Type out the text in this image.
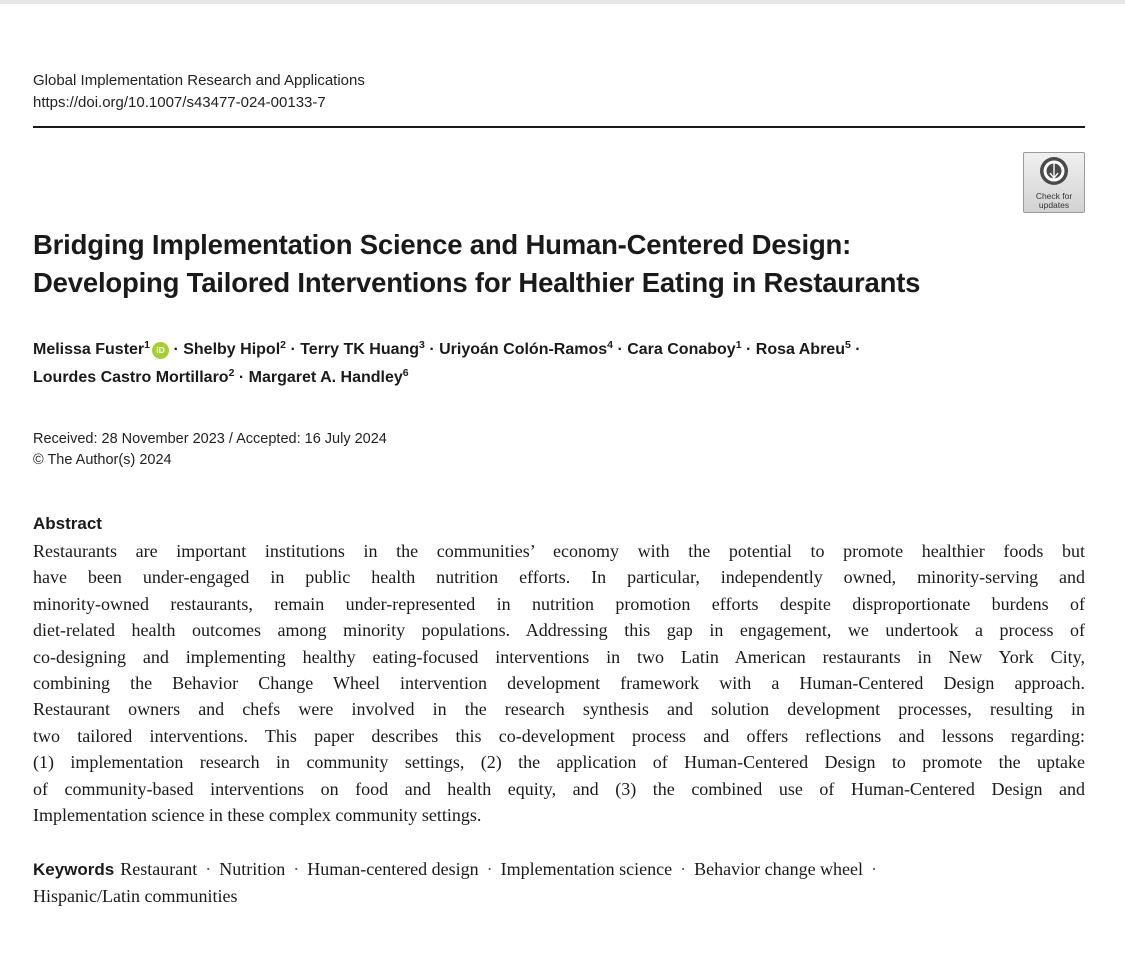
Global Implementation Research and Applications
https://doi.org/10.1007/s43477-024-00133-7
Check for
updates
Bridging Implementation Science and Human-Centered Design:
Developing Tailored Interventions for Healthier Eating in Restaurants
Melissa Fuster$^1$ iD · Shelby Hipol$^2$ · Terry TK Huang$^3$ · Uriyoán Colón-Ramos$^4$ · Cara Conaboy$^1$ · Rosa Abreu$^5$ ·
Lourdes Castro Mortillaro$^2$ · Margaret A. Handley$^6$
Received: 28 November 2023 / Accepted: 16 July 2024
© The Author(s) 2024
Abstract
Restaurants are important institutions in the communities’ economy with the potential to promote healthier foods but
have been under-engaged in public health nutrition efforts. In particular, independently owned, minority-serving and
minority-owned restaurants, remain under-represented in nutrition promotion efforts despite disproportionate burdens of
diet-related health outcomes among minority populations. Addressing this gap in engagement, we undertook a process of
co-designing and implementing healthy eating-focused interventions in two Latin American restaurants in New York City,
combining the Behavior Change Wheel intervention development framework with a Human-Centered Design approach.
Restaurant owners and chefs were involved in the research synthesis and solution development processes, resulting in
two tailored interventions. This paper describes this co-development process and offers reflections and lessons regarding:
(1) implementation research in community settings, (2) the application of Human-Centered Design to promote the uptake
of community-based interventions on food and health equity, and (3) the combined use of Human-Centered Design and
Implementation science in these complex community settings.
Keywords Restaurant · Nutrition · Human-centered design · Implementation science · Behavior change wheel ·
Hispanic/Latin communities
